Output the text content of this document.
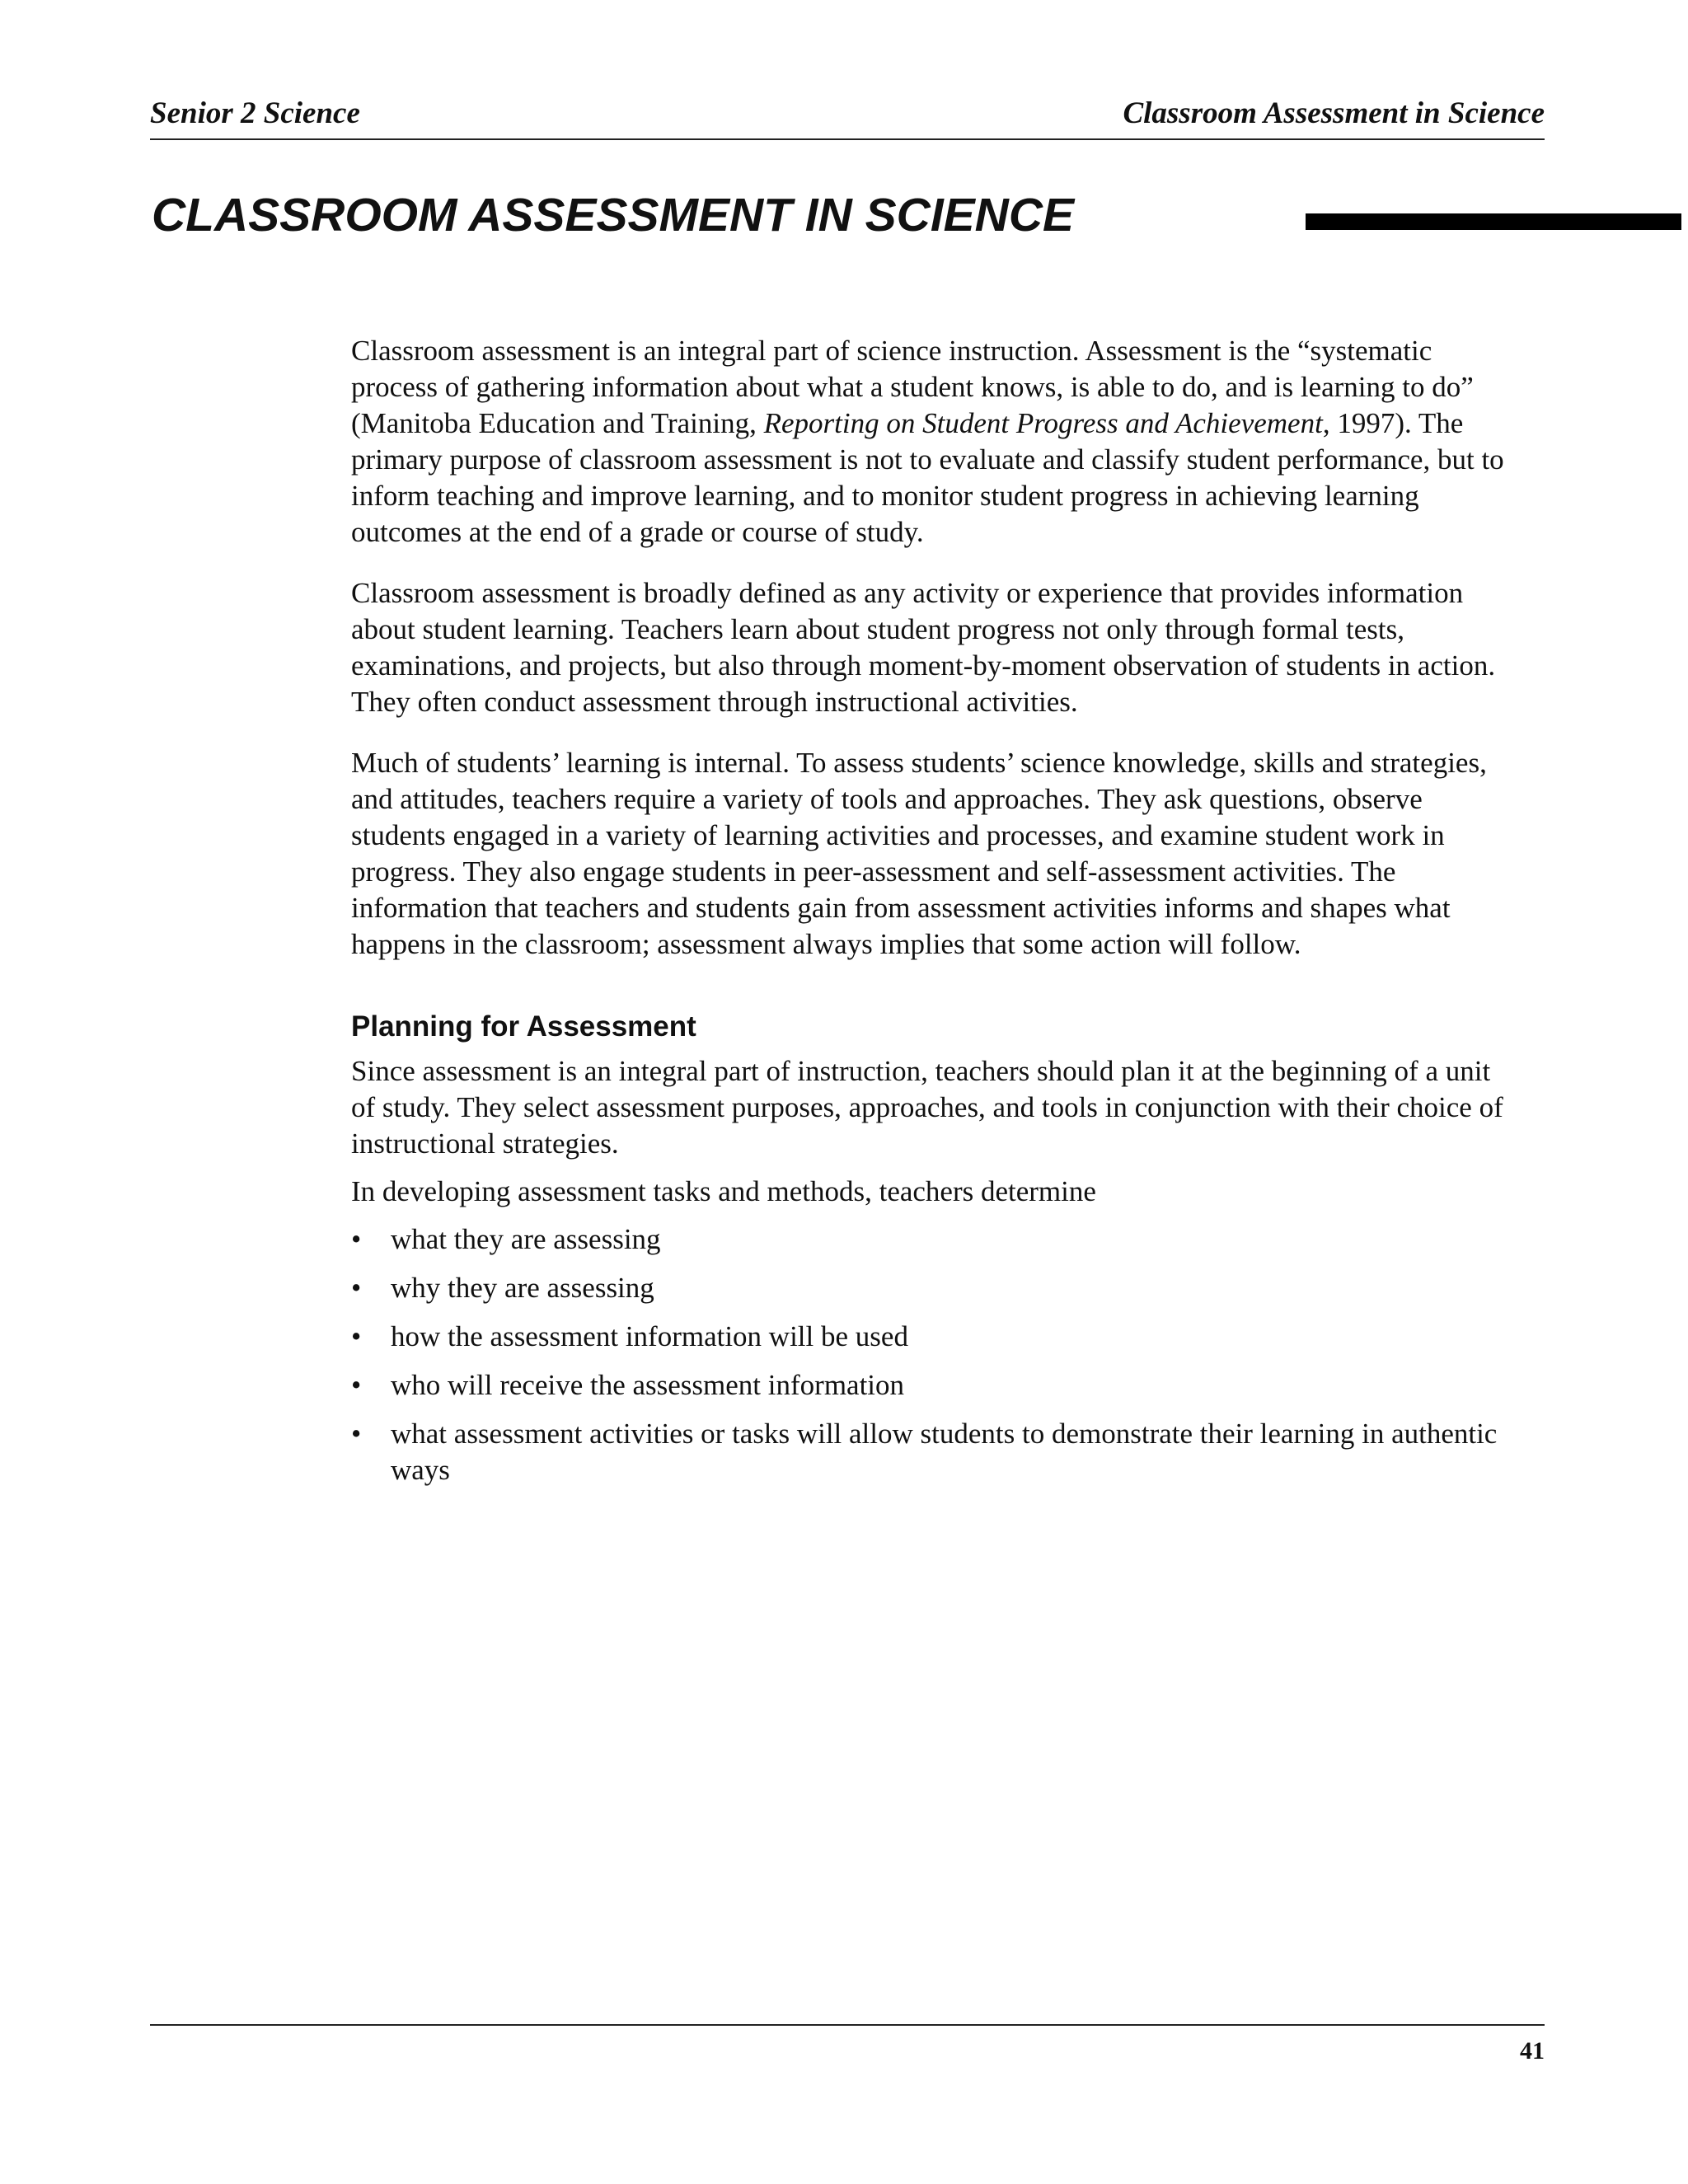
Senior 2 Science	Classroom Assessment in Science
CLASSROOM ASSESSMENT IN SCIENCE

Classroom assessment is an integral part of science instruction. Assessment is the “systematic process of gathering information about what a student knows, is able to do, and is learning to do” (Manitoba Education and Training, Reporting on Student Progress and Achievement, 1997). The primary purpose of classroom assessment is not to evaluate and classify student performance, but to inform teaching and improve learning, and to monitor student progress in achieving learning outcomes at the end of a grade or course of study.

Classroom assessment is broadly defined as any activity or experience that provides information about student learning. Teachers learn about student progress not only through formal tests, examinations, and projects, but also through moment-by-moment observation of students in action. They often conduct assessment through instructional activities.

Much of students’ learning is internal. To assess students’ science knowledge, skills and strategies, and attitudes, teachers require a variety of tools and approaches. They ask questions, observe students engaged in a variety of learning activities and processes, and examine student work in progress. They also engage students in peer-assessment and self-assessment activities. The information that teachers and students gain from assessment activities informs and shapes what happens in the classroom; assessment always implies that some action will follow.

Planning for Assessment

Since assessment is an integral part of instruction, teachers should plan it at the beginning of a unit of study. They select assessment purposes, approaches, and tools in conjunction with their choice of instructional strategies.

In developing assessment tasks and methods, teachers determine

• what they are assessing
• why they are assessing
• how the assessment information will be used
• who will receive the assessment information
• what assessment activities or tasks will allow students to demonstrate their learning in authentic ways
41
